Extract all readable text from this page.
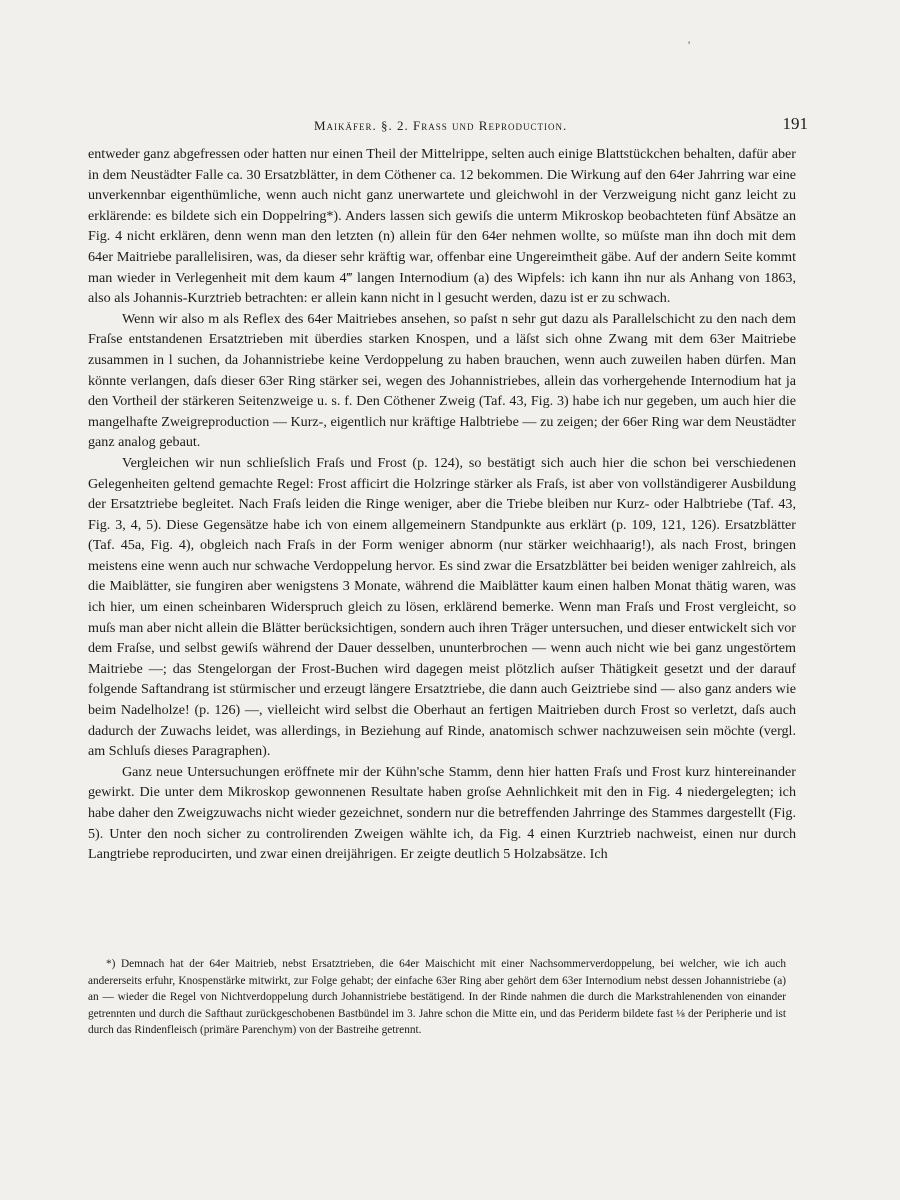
'
Maikäfer. §. 2. Frass und Reproduction.	191

entweder ganz abgefressen oder hatten nur einen Theil der Mittelrippe, selten auch einige Blattstückchen behalten, dafür aber in dem Neustädter Falle ca. 30 Ersatzblätter, in dem Cöthener ca. 12 bekommen. Die Wirkung auf den 64er Jahrring war eine unverkennbar eigenthümliche, wenn auch nicht ganz unerwartete und gleichwohl in der Verzweigung nicht ganz leicht zu erklärende: es bildete sich ein Doppelring*). Anders lassen sich gewiſs die unterm Mikroskop beobachteten fünf Absätze an Fig. 4 nicht erklären, denn wenn man den letzten (n) allein für den 64er nehmen wollte, so müſste man ihn doch mit dem 64er Maitriebe parallelisiren, was, da dieser sehr kräftig war, offenbar eine Ungereimtheit gäbe. Auf der andern Seite kommt man wieder in Verlegenheit mit dem kaum 4‴ langen Internodium (a) des Wipfels: ich kann ihn nur als Anhang von 1863, also als Johannis-Kurztrieb betrachten: er allein kann nicht in l gesucht werden, dazu ist er zu schwach.

Wenn wir also m als Reflex des 64er Maitriebes ansehen, so paſst n sehr gut dazu als Parallelschicht zu den nach dem Fraſse entstandenen Ersatztrieben mit überdies starken Knospen, und a läſst sich ohne Zwang mit dem 63er Maitriebe zusammen in l suchen, da Johannistriebe keine Verdoppelung zu haben brauchen, wenn auch zuweilen haben dürfen. Man könnte verlangen, daſs dieser 63er Ring stärker sei, wegen des Johannistriebes, allein das vorhergehende Internodium hat ja den Vortheil der stärkeren Seitenzweige u. s. f. Den Cöthener Zweig (Taf. 43, Fig. 3) habe ich nur gegeben, um auch hier die mangelhafte Zweigreproduction — Kurz-, eigentlich nur kräftige Halbtriebe — zu zeigen; der 66er Ring war dem Neustädter ganz analog gebaut.

Vergleichen wir nun schlieſslich Fraſs und Frost (p. 124), so bestätigt sich auch hier die schon bei verschiedenen Gelegenheiten geltend gemachte Regel: Frost afficirt die Holzringe stärker als Fraſs, ist aber von vollständigerer Ausbildung der Ersatztriebe begleitet. Nach Fraſs leiden die Ringe weniger, aber die Triebe bleiben nur Kurz- oder Halbtriebe (Taf. 43, Fig. 3, 4, 5). Diese Gegensätze habe ich von einem allgemeinern Standpunkte aus erklärt (p. 109, 121, 126). Ersatzblätter (Taf. 45a, Fig. 4), obgleich nach Fraſs in der Form weniger abnorm (nur stärker weichhaarig!), als nach Frost, bringen meistens eine wenn auch nur schwache Verdoppelung hervor. Es sind zwar die Ersatzblätter bei beiden weniger zahlreich, als die Maiblätter, sie fungiren aber wenigstens 3 Monate, während die Maiblätter kaum einen halben Monat thätig waren, was ich hier, um einen scheinbaren Widerspruch gleich zu lösen, erklärend bemerke. Wenn man Fraſs und Frost vergleicht, so muſs man aber nicht allein die Blätter berücksichtigen, sondern auch ihren Träger untersuchen, und dieser entwickelt sich vor dem Fraſse, und selbst gewiſs während der Dauer desselben, ununterbrochen — wenn auch nicht wie bei ganz ungestörtem Maitriebe —; das Stengelorgan der Frost-Buchen wird dagegen meist plötzlich auſser Thätigkeit gesetzt und der darauf folgende Saftandrang ist stürmischer und erzeugt längere Ersatztriebe, die dann auch Geiztriebe sind — also ganz anders wie beim Nadelholze! (p. 126) —, vielleicht wird selbst die Oberhaut an fertigen Maitrieben durch Frost so verletzt, daſs auch dadurch der Zuwachs leidet, was allerdings, in Beziehung auf Rinde, anatomisch schwer nachzuweisen sein möchte (vergl. am Schluſs dieses Paragraphen).

Ganz neue Untersuchungen eröffnete mir der Kühn'sche Stamm, denn hier hatten Fraſs und Frost kurz hintereinander gewirkt. Die unter dem Mikroskop gewonnenen Resultate haben groſse Aehnlichkeit mit den in Fig. 4 niedergelegten; ich habe daher den Zweigzuwachs nicht wieder gezeichnet, sondern nur die betreffenden Jahrringe des Stammes dargestellt (Fig. 5). Unter den noch sicher zu controlirenden Zweigen wählte ich, da Fig. 4 einen Kurztrieb nachweist, einen nur durch Langtriebe reproducirten, und zwar einen dreijährigen. Er zeigte deutlich 5 Holzabsätze. Ich

*) Demnach hat der 64er Maitrieb, nebst Ersatztrieben, die 64er Maischicht mit einer Nachsommerverdoppelung, bei welcher, wie ich auch andererseits erfuhr, Knospenstärke mitwirkt, zur Folge gehabt; der einfache 63er Ring aber gehört dem 63er Internodium nebst dessen Johannistriebe (a) an — wieder die Regel von Nichtverdoppelung durch Johannistriebe bestätigend. In der Rinde nahmen die durch die Markstrahlenenden von einander getrennten und durch die Safthaut zurückgeschobenen Bastbündel im 3. Jahre schon die Mitte ein, und das Periderm bildete fast ⅛ der Peripherie und ist durch das Rindenfleisch (primäre Parenchym) von der Bastreihe getrennt.
